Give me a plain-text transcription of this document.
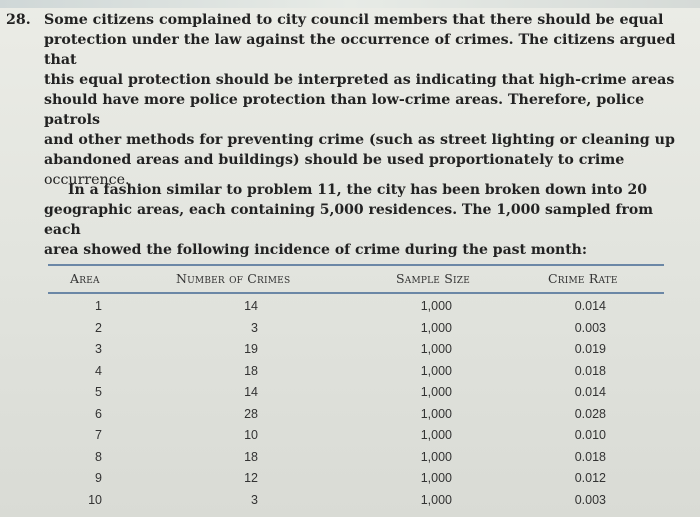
28. Some citizens complained to city council members that there should be equal
protection under the law against the occurrence of crimes. The citizens argued that
this equal protection should be interpreted as indicating that high-crime areas
should have more police protection than low-crime areas. Therefore, police patrols
and other methods for preventing crime (such as street lighting or cleaning up
abandoned areas and buildings) should be used proportionately to crime
occurrence.
In a fashion similar to problem 11, the city has been broken down into 20
geographic areas, each containing 5,000 residences. The 1,000 sampled from each
area showed the following incidence of crime during the past month:
Area	Number of Crimes	Sample Size	Crime Rate
1	14	1,000	0.014
2	3	1,000	0.003
3	19	1,000	0.019
4	18	1,000	0.018
5	14	1,000	0.014
6	28	1,000	0.028
7	10	1,000	0.010
8	18	1,000	0.018
9	12	1,000	0.012
10	3	1,000	0.003
